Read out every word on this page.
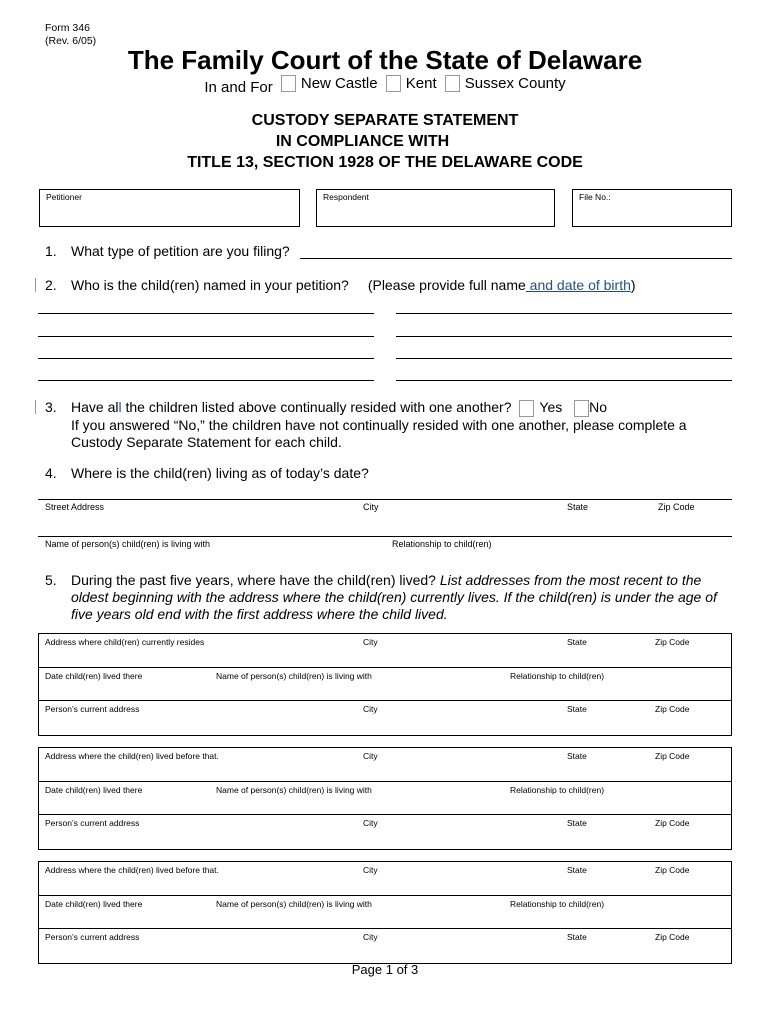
Form 346
(Rev. 6/05)
The Family Court of the State of Delaware
In and For New Castle
Kent
Sussex County
CUSTODY SEPARATE STATEMENT
IN COMPLIANCE WITH
TITLE 13, SECTION 1928 OF THE DELAWARE CODE
Petitioner	Respondent	File No.:
1. What type of petition are you filing?
2. Who is the child(ren) named in your petition? (Please provide full name and date of birth)
3. Have all the children listed above continually resided with one another? Yes No
If you answered “No,” the children have not continually resided with one another, please complete a
Custody Separate Statement for each child.
4. Where is the child(ren) living as of today’s date?
Street Address	City	State	Zip Code
Name of person(s) child(ren) is living with	Relationship to child(ren)
5. During the past five years, where have the child(ren) lived? List addresses from the most recent to the
oldest beginning with the address where the child(ren) currently lives. If the child(ren) is under the age of
five years old end with the first address where the child lived.
Address where child(ren) currently resides	City	State	Zip Code
Date child(ren) lived there	Name of person(s) child(ren) is living with	Relationship to child(ren)
Person’s current address	City	State	Zip Code
Address where the child(ren) lived before that.	City	State	Zip Code
Date child(ren) lived there	Name of person(s) child(ren) is living with	Relationship to child(ren)
Person’s current address	City	State	Zip Code
Address where the child(ren) lived before that.	City	State	Zip Code
Date child(ren) lived there	Name of person(s) child(ren) is living with	Relationship to child(ren)
Person’s current address	City	State	Zip Code
Page 1 of 3
